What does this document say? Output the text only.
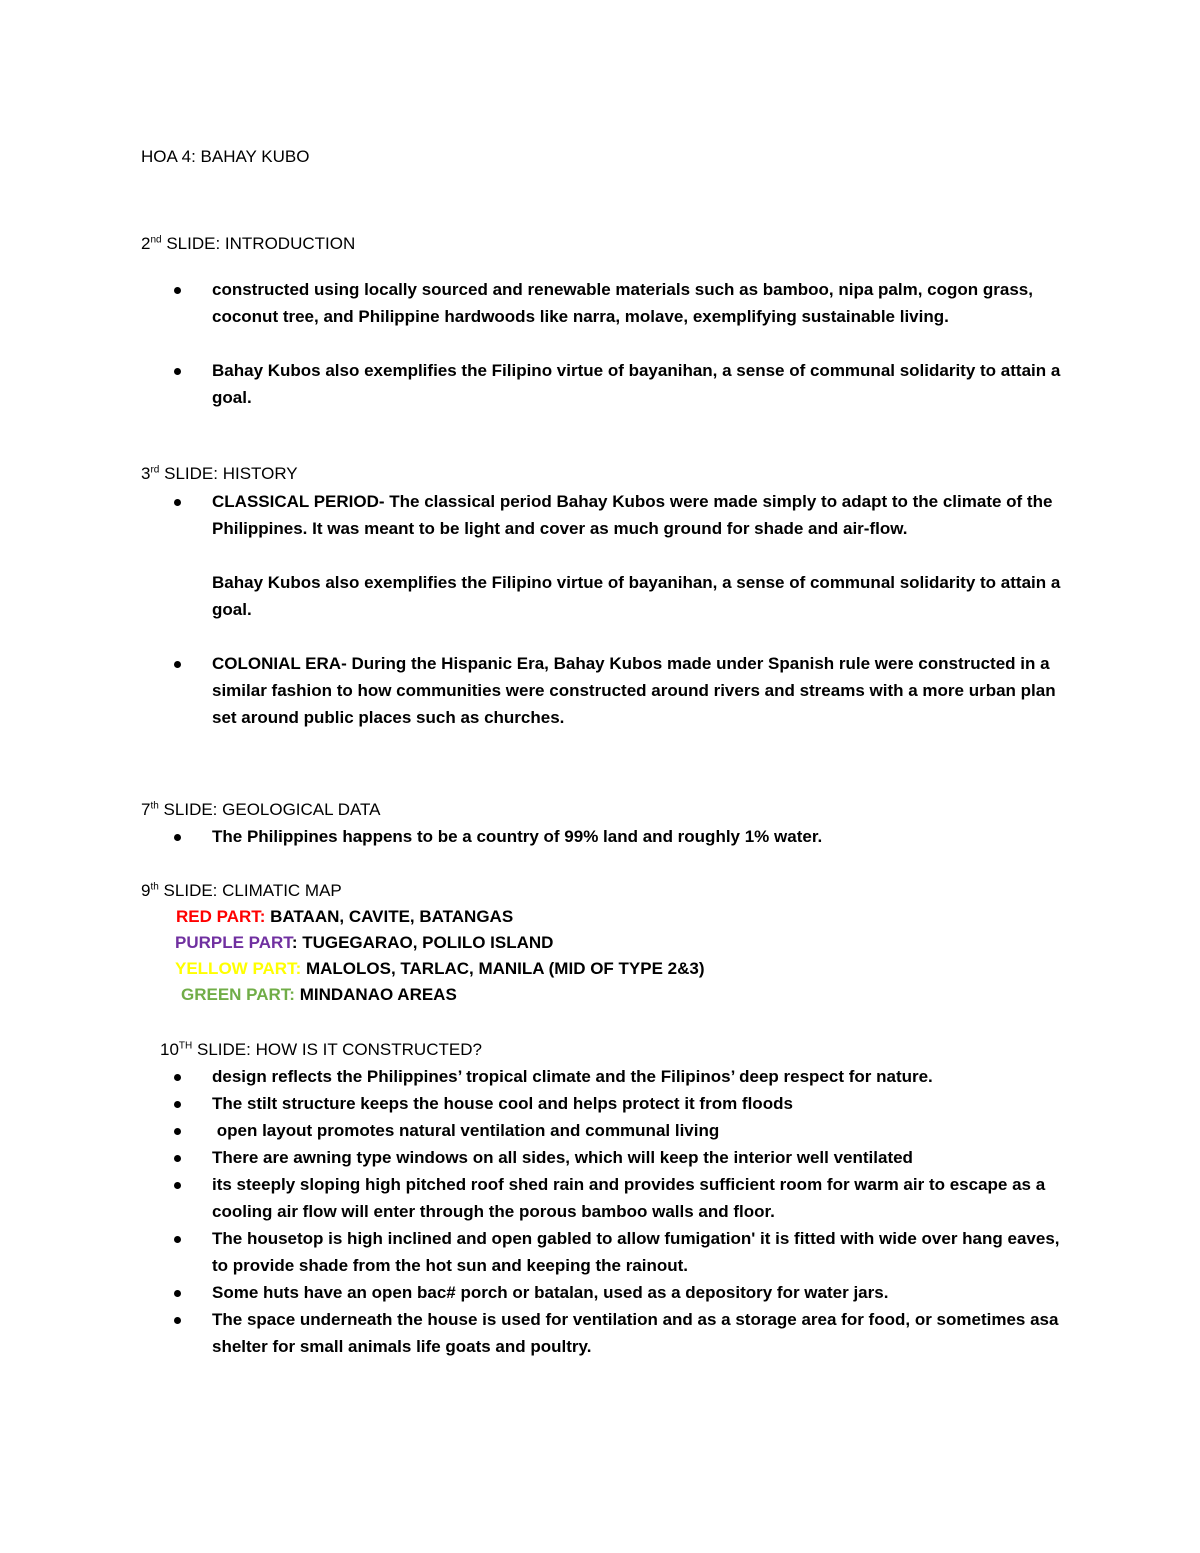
HOA 4: BAHAY KUBO
2nd SLIDE: INTRODUCTION
constructed using locally sourced and renewable materials such as bamboo, nipa palm, cogon grass, coconut tree, and Philippine hardwoods like narra, molave, exemplifying sustainable living.
Bahay Kubos also exemplifies the Filipino virtue of bayanihan, a sense of communal solidarity to attain a goal.
3rd SLIDE: HISTORY
CLASSICAL PERIOD- The classical period Bahay Kubos were made simply to adapt to the climate of the Philippines. It was meant to be light and cover as much ground for shade and air-flow.
Bahay Kubos also exemplifies the Filipino virtue of bayanihan, a sense of communal solidarity to attain a goal.
COLONIAL ERA- During the Hispanic Era, Bahay Kubos made under Spanish rule were constructed in a similar fashion to how communities were constructed around rivers and streams with a more urban plan set around public places such as churches.
7th SLIDE: GEOLOGICAL DATA
The Philippines happens to be a country of 99% land and roughly 1% water.
9th SLIDE: CLIMATIC MAP
RED PART: BATAAN, CAVITE, BATANGAS
PURPLE PART: TUGEGARAO, POLILO ISLAND
YELLOW PART: MALOLOS, TARLAC, MANILA (MID OF TYPE 2&3)
GREEN PART: MINDANAO AREAS
10TH SLIDE: HOW IS IT CONSTRUCTED?
design reflects the Philippines’ tropical climate and the Filipinos’ deep respect for nature.
The stilt structure keeps the house cool and helps protect it from floods
open layout promotes natural ventilation and communal living
There are awning type windows on all sides, which will keep the interior well ventilated
its steeply sloping high pitched roof shed rain and provides sufficient room for warm air to escape as a cooling air flow will enter through the porous bamboo walls and floor.
The housetop is high inclined and open gabled to allow fumigation' it is fitted with wide over hang eaves, to provide shade from the hot sun and keeping the rainout.
Some huts have an open bac# porch or batalan, used as a depository for water jars.
The space underneath the house is used for ventilation and as a storage area for food, or sometimes asa shelter for small animals life goats and poultry.
